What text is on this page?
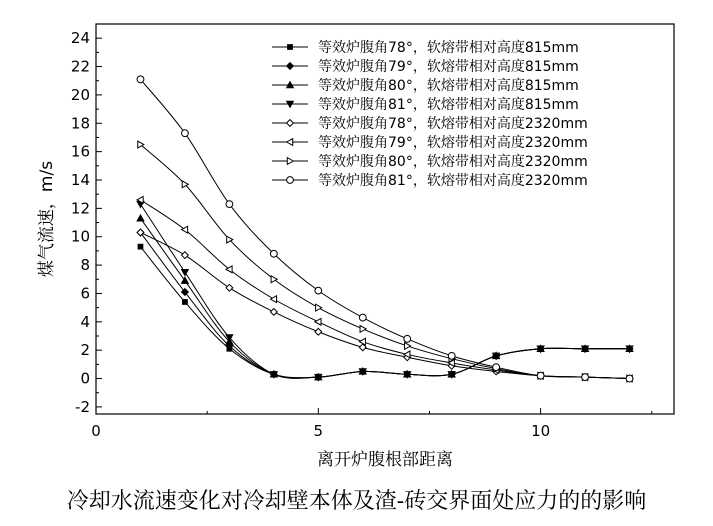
-2
0
2
4
6
8
10
12
14
16
18
20
22
24
0	5	10
等效炉腹角78°，软熔带相对高度815mm
等效炉腹角79°，软熔带相对高度815mm
等效炉腹角80°，软熔带相对高度815mm
等效炉腹角81°，软熔带相对高度815mm
等效炉腹角78°，软熔带相对高度2320mm
等效炉腹角79°，软熔带相对高度2320mm
等效炉腹角80°，软熔带相对高度2320mm
等效炉腹角81°，软熔带相对高度2320mm
离开炉腹根部距离
煤气流速，m/s
冷却水流速变化对冷却壁本体及渣-砖交界面处应力的的影响
